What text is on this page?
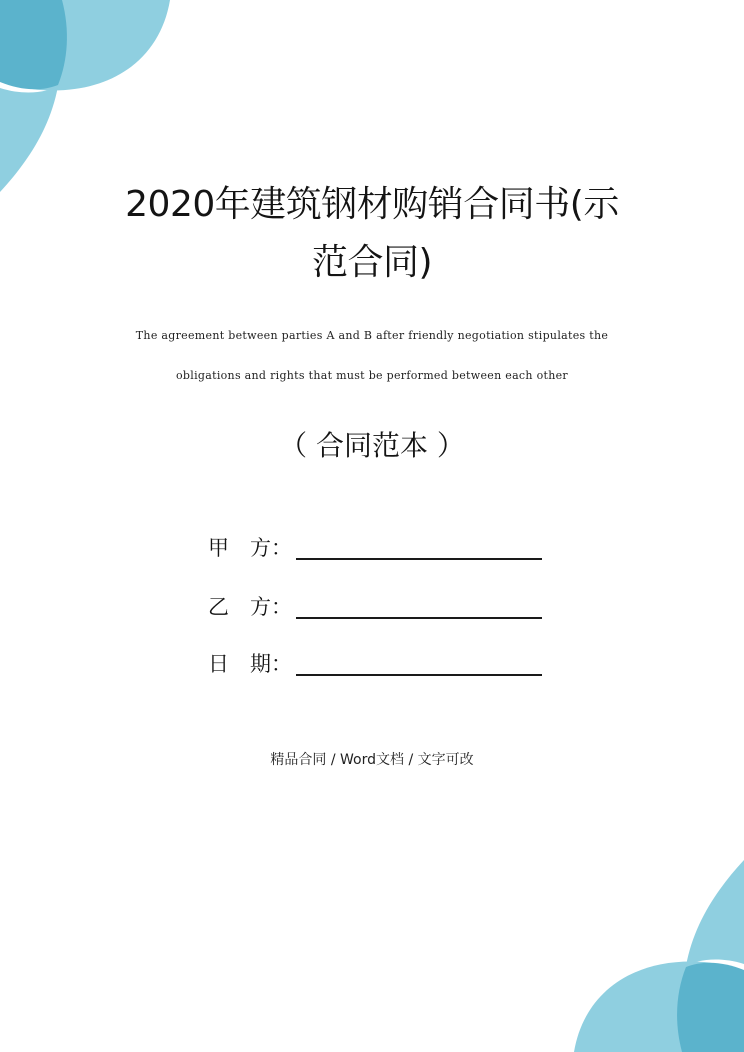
2020年建筑钢材购销合同书(示
范合同)
The agreement between parties A and B after friendly negotiation stipulates the
obligations and rights that must be performed between each other
（ 合同范本 ）
甲　方：
乙　方：
日　期：
精品合同 / Word文档 / 文字可改
